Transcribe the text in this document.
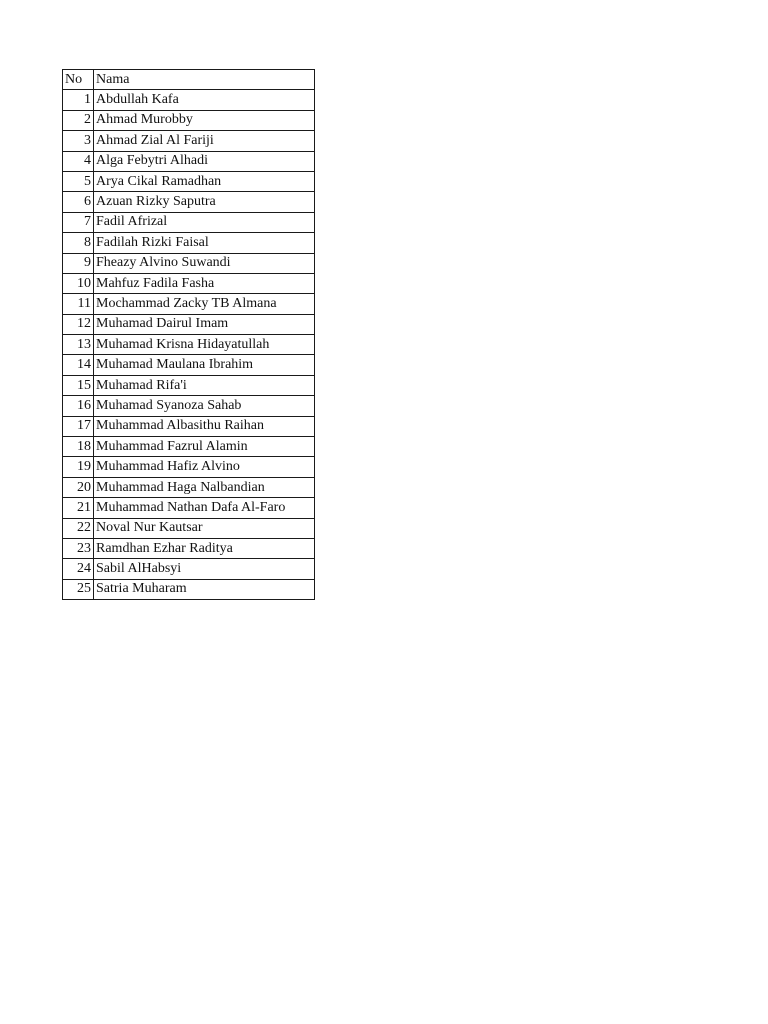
No	Nama
1	Abdullah Kafa
2	Ahmad Murobby
3	Ahmad Zial Al Fariji
4	Alga Febytri Alhadi
5	Arya Cikal Ramadhan
6	Azuan Rizky Saputra
7	Fadil Afrizal
8	Fadilah Rizki Faisal
9	Fheazy Alvino Suwandi
10	Mahfuz Fadila Fasha
11	Mochammad Zacky TB Almana
12	Muhamad Dairul Imam
13	Muhamad Krisna Hidayatullah
14	Muhamad Maulana Ibrahim
15	Muhamad Rifa'i
16	Muhamad Syanoza Sahab
17	Muhammad Albasithu Raihan
18	Muhammad Fazrul Alamin
19	Muhammad Hafiz Alvino
20	Muhammad Haga Nalbandian
21	Muhammad Nathan Dafa Al-Faro
22	Noval Nur Kautsar
23	Ramdhan Ezhar Raditya
24	Sabil AlHabsyi
25	Satria Muharam
